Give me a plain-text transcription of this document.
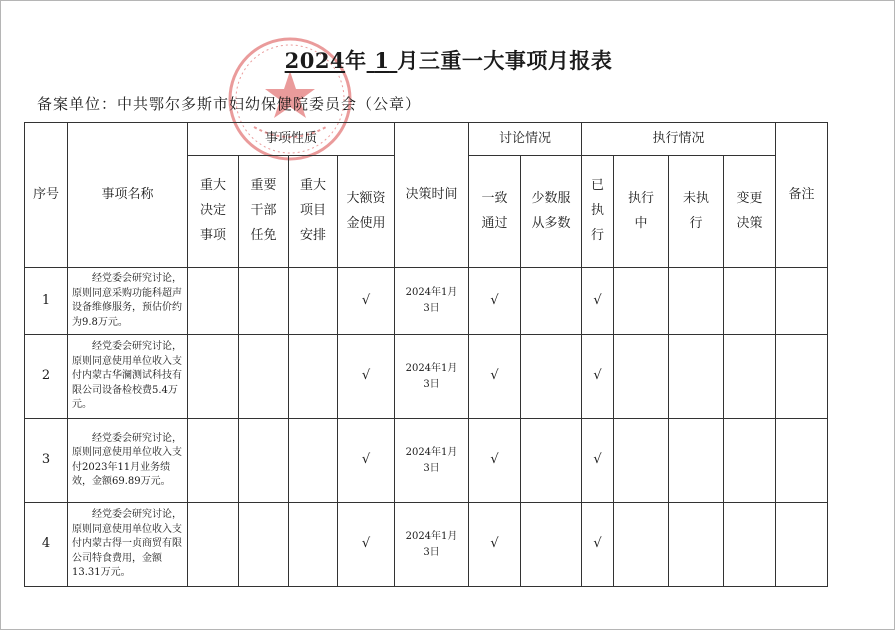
2024年 1 月三重一大事项月报表
备案单位：中共鄂尔多斯市妇幼保健院委员会（公章）
序号	事项名称	事项性质				决策时间	讨论情况		执行情况				备注
		重大
决定
事项	重要
干部
任免	重大
项目
安排	大额资
金使用		一致
通过	少数服
从多数	已
执
行	执行
中	未执
行	变更
决策	
1	经党委会研究讨论，原则同意采购功能科超声设备维修服务，预估价约为9.8万元。				√	2024年1月
3日	√		√				
2	经党委会研究讨论，原则同意使用单位收入支付内蒙古华澜测试科技有限公司设备检校费5.4万元。				√	2024年1月
3日	√		√				
3	经党委会研究讨论，原则同意使用单位收入支付2023年11月业务绩效，金额69.89万元。				√	2024年1月
3日	√		√				
4	经党委会研究讨论，原则同意使用单位收入支付内蒙古得一贞商贸有限公司特食费用，金额13.31万元。				√	2024年1月
3日	√		√				
